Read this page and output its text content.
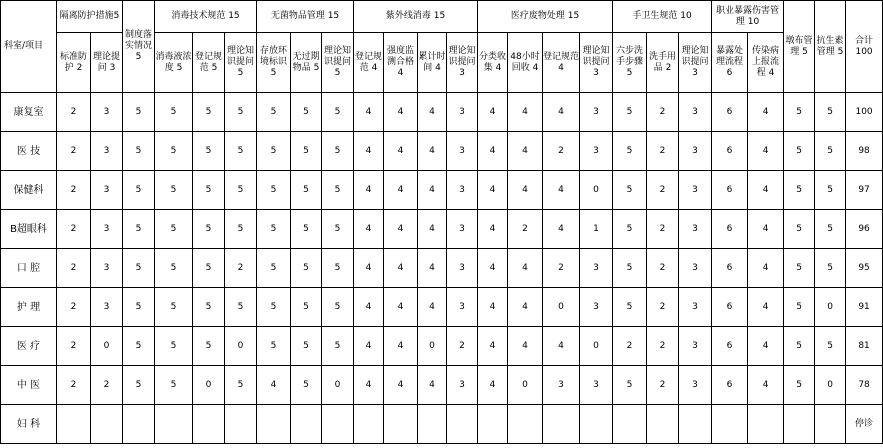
科室/项目	隔离防护措施5		制度落实情况 5	消毒技术规范 15			无菌物品管理 15			紫外线消毒 15				医疗废物处理 15				手卫生规范 10			职业暴露伤害管理 10		墩布管理 5	抗生素管理 5	合计 100
	标准防护 2	理论提问 3		消毒液浓度 5	登记规范 5	理论知识提问 5	存放环境标识 5	无过期物品 5	理论知识提问 5	登记规范 4	强度监测合格 4	累计时间 4	理论知识提问 3	分类收集 4	48小时回收 4	登记规范 4	理论知识提问 3	六步洗手步骤 5	洗手用品 2	理论知识提问 3	暴露处理流程 6	传染病上报流程 4			
康复室	2	3	5	5	5	5	5	5	5	4	4	4	3	4	4	4	3	5	2	3	6	4	5	5	100
医 技	2	3	5	5	5	5	5	5	5	4	4	4	3	4	4	2	3	5	2	3	6	4	5	5	98
保健科	2	3	5	5	5	5	5	5	5	4	4	4	3	4	4	4	0	5	2	3	6	4	5	5	97
B超眼科	2	3	5	5	5	5	5	5	5	4	4	4	3	4	2	4	1	5	2	3	6	4	5	5	96
口 腔	2	3	5	5	5	2	5	5	5	4	4	4	3	4	4	2	3	5	2	3	6	4	5	5	95
护 理	2	3	5	5	5	5	5	5	5	4	4	4	3	4	4	0	3	5	2	3	6	4	5	0	91
医 疗	2	0	5	5	5	0	5	5	5	4	4	0	2	4	4	4	0	2	2	3	6	4	5	5	81
中 医	2	2	5	5	0	5	4	5	0	4	4	4	3	4	0	3	3	5	2	3	6	4	5	0	78
妇 科																									停诊
